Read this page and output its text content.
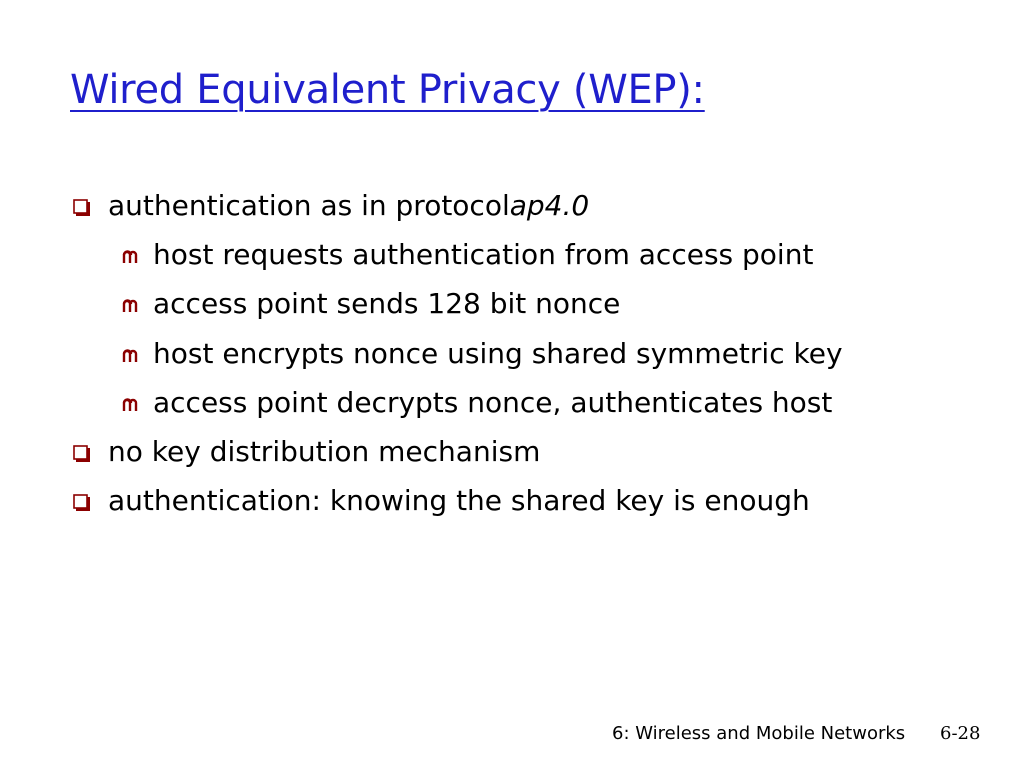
Wired Equivalent Privacy (WEP):
authentication as in protocol ap4.0
host requests authentication from access point
access point sends 128 bit nonce
host encrypts nonce using shared symmetric key
access point decrypts nonce, authenticates host
no key distribution mechanism
authentication: knowing the shared key is enough
6: Wireless and Mobile Networks 6-28
